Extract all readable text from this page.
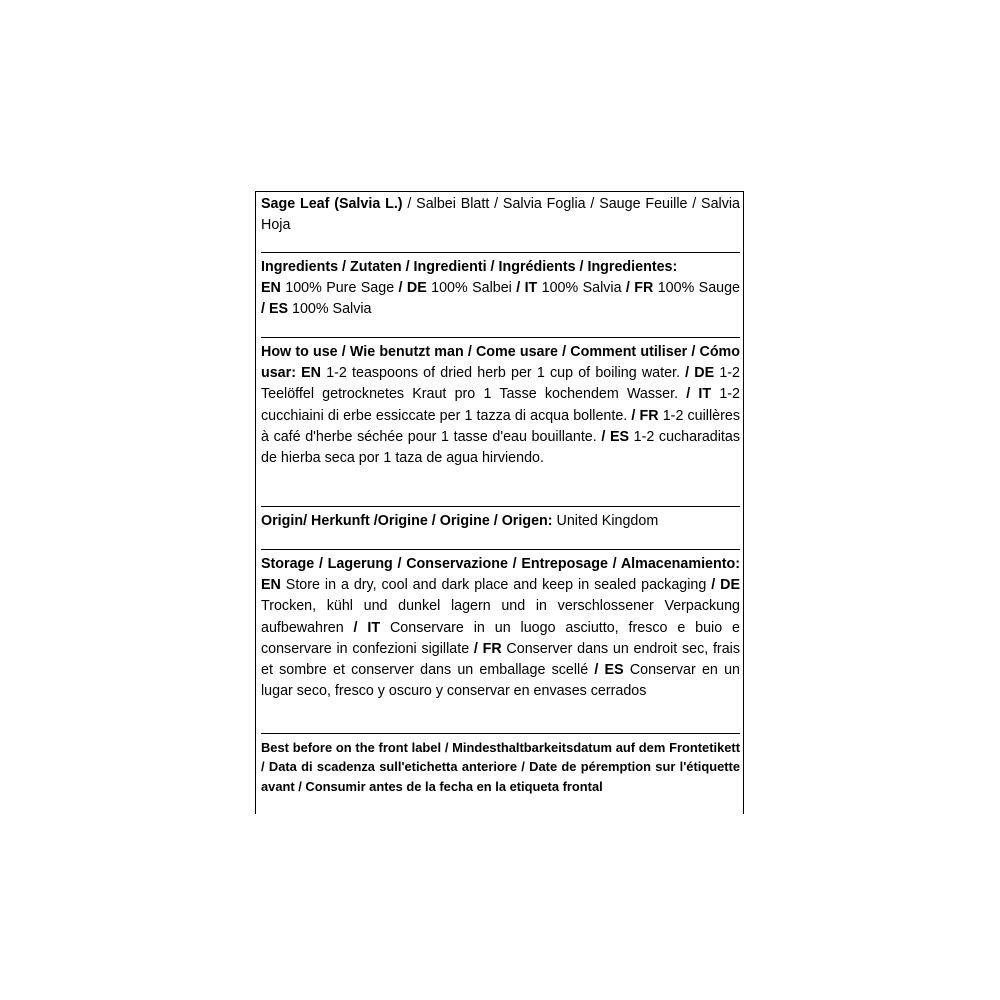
Sage Leaf (Salvia L.) / Salbei Blatt / Salvia Foglia / Sauge Feuille / Salvia Hoja
Ingredients / Zutaten / Ingredienti / Ingrédients / Ingredientes:
EN 100% Pure Sage / DE 100% Salbei / IT 100% Salvia / FR 100% Sauge / ES 100% Salvia
How to use / Wie benutzt man / Come usare / Comment utiliser / Cómo usar: EN 1-2 teaspoons of dried herb per 1 cup of boiling water. / DE 1-2 Teelöffel getrocknetes Kraut pro 1 Tasse kochendem Wasser. / IT 1-2 cucchiaini di erbe essiccate per 1 tazza di acqua bollente. / FR 1-2 cuillères à café d'herbe séchée pour 1 tasse d'eau bouillante. / ES 1-2 cucharaditas de hierba seca por 1 taza de agua hirviendo.
Origin/ Herkunft /Origine / Origine / Origen: United Kingdom
Storage / Lagerung / Conservazione / Entreposage / Almacenamiento: EN Store in a dry, cool and dark place and keep in sealed packaging / DE Trocken, kühl und dunkel lagern und in verschlossener Verpackung aufbewahren / IT Conservare in un luogo asciutto, fresco e buio e conservare in confezioni sigillate / FR Conserver dans un endroit sec, frais et sombre et conserver dans un emballage scellé / ES Conservar en un lugar seco, fresco y oscuro y conservar en envases cerrados
Best before on the front label / Mindesthaltbarkeitsdatum auf dem Frontetikett / Data di scadenza sull'etichetta anteriore / Date de péremption sur l'étiquette avant / Consumir antes de la fecha en la etiqueta frontal
